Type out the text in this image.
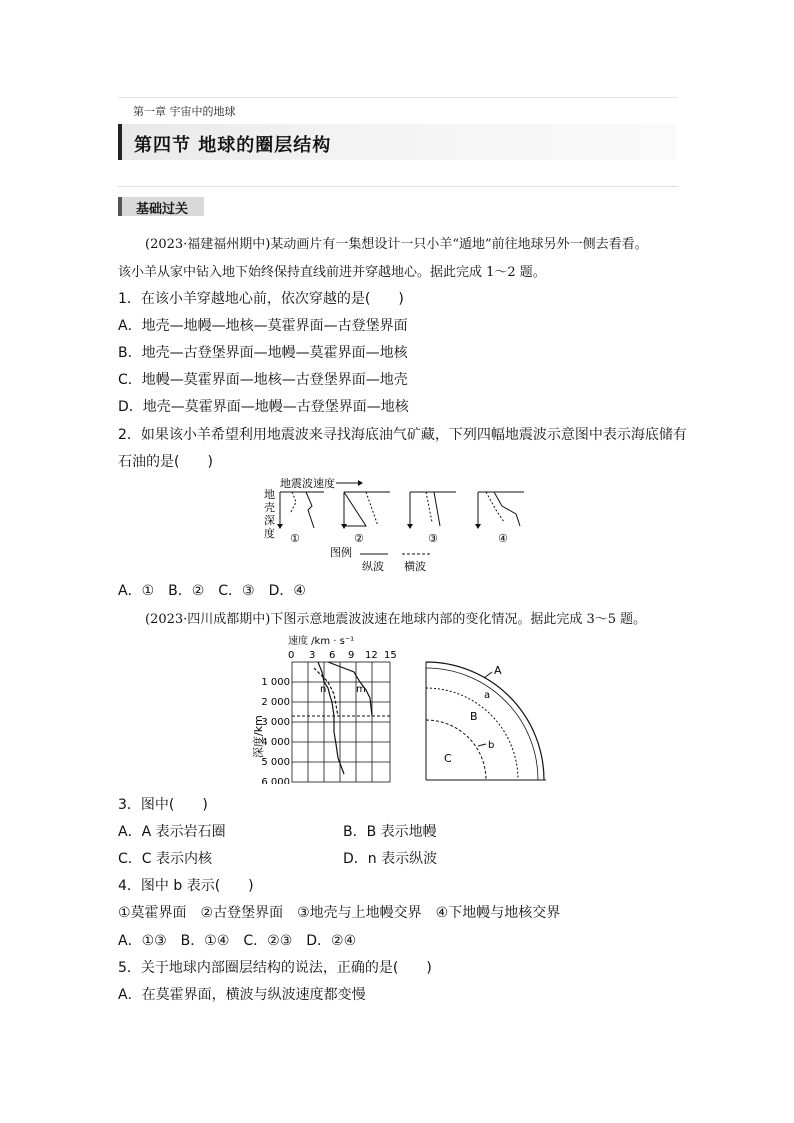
第一章 宇宙中的地球
第四节 地球的圈层结构
基础过关
(2023·福建福州期中)某动画片有一集想设计一只小羊“遁地”前往地球另外一侧去看看。
该小羊从家中钻入地下始终保持直线前进并穿越地心。据此完成 1～2 题。
1．在该小羊穿越地心前，依次穿越的是(　　)
A．地壳—地幔—地核—莫霍界面—古登堡界面
B．地壳—古登堡界面—地幔—莫霍界面—地核
C．地幔—莫霍界面—地核—古登堡界面—地壳
D．地壳—莫霍界面—地幔—古登堡界面—地核
2．如果该小羊希望利用地震波来寻找海底油气矿藏，下列四幅地震波示意图中表示海底储有
石油的是(　　)
地震波速度
地
壳
深
度 ①	②	③	④
图例
纵波 横波
A．①　B．②　C．③　D．④
(2023·四川成都期中)下图示意地震波波速在地球内部的变化情况。据此完成 3～5 题。
速度 /km · s⁻¹
0 3 6 9 12 15
1 000
2 000
3 000
4 000
5 000
6 000
深度/km
n	m
A
a
B
b
C
3．图中(　　)
A．A 表示岩石圈	B．B 表示地幔
C．C 表示内核	D．n 表示纵波
4．图中 b 表示(　　)
①莫霍界面　②古登堡界面　③地壳与上地幔交界　④下地幔与地核交界
A．①③　B．①④　C．②③　D．②④
5．关于地球内部圈层结构的说法，正确的是(　　)
A．在莫霍界面，横波与纵波速度都变慢
